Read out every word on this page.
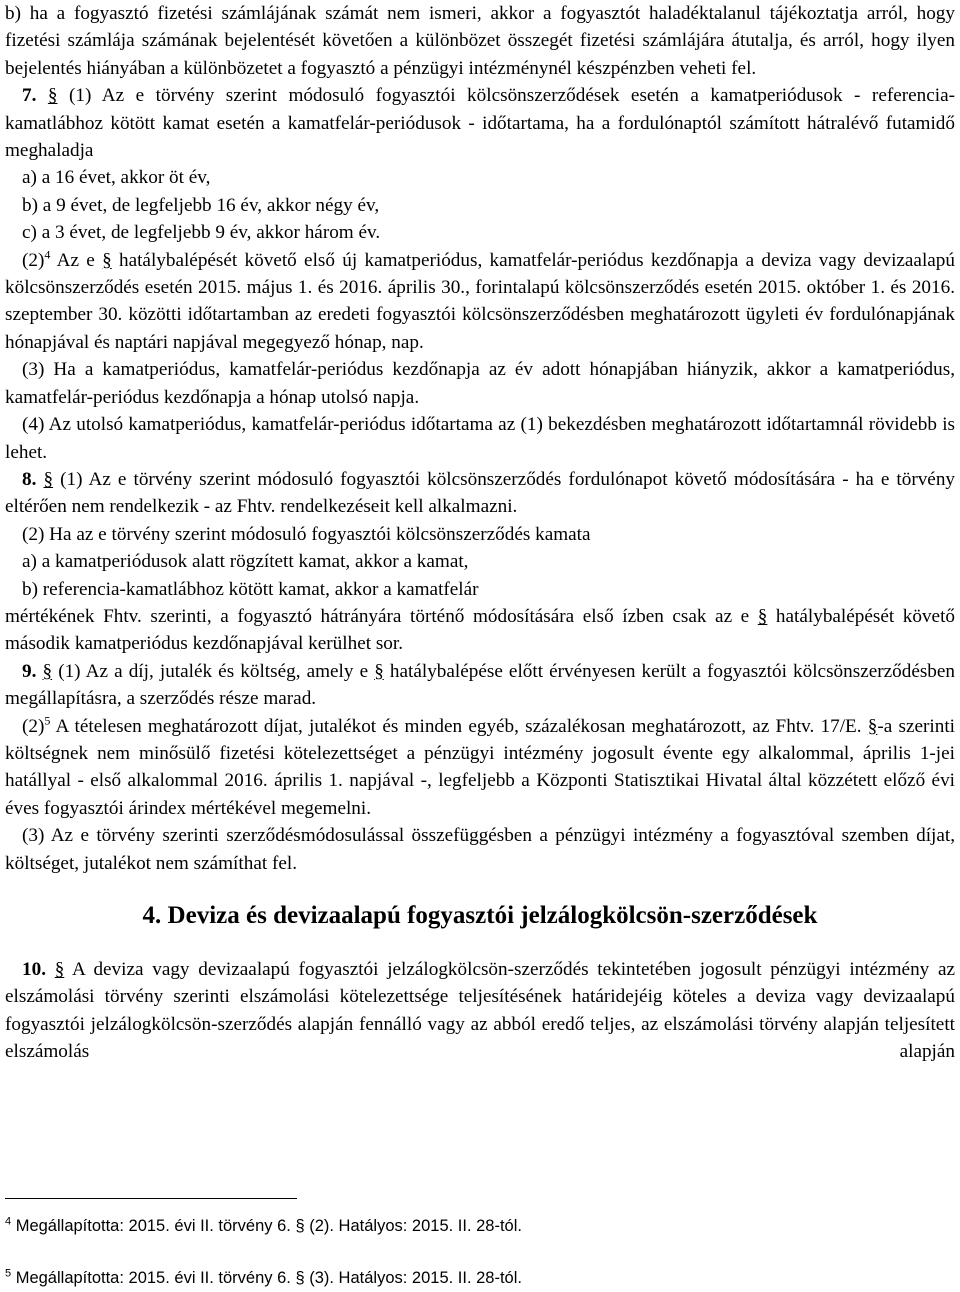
b) ha a fogyasztó fizetési számlájának számát nem ismeri, akkor a fogyasztót haladéktalanul tájékoztatja arról, hogy fizetési számlája számának bejelentését követően a különbözet összegét fizetési számlájára átutalja, és arról, hogy ilyen bejelentés hiányában a különbözetet a fogyasztó a pénzügyi intézménynél készpénzben veheti fel.

7. § (1) Az e törvény szerint módosuló fogyasztói kölcsönszerződések esetén a kamatperiódusok - referencia-kamatlábhoz kötött kamat esetén a kamatfelár-periódusok - időtartama, ha a fordulónaptól számított hátralévő futamidő meghaladja

a) a 16 évet, akkor öt év,

b) a 9 évet, de legfeljebb 16 év, akkor négy év,

c) a 3 évet, de legfeljebb 9 év, akkor három év.

(2)$^4$ Az e § hatálybalépését követő első új kamatperiódus, kamatfelár-periódus kezdőnapja a deviza vagy devizaalapú kölcsönszerződés esetén 2015. május 1. és 2016. április 30., forintalapú kölcsönszerződés esetén 2015. október 1. és 2016. szeptember 30. közötti időtartamban az eredeti fogyasztói kölcsönszerződésben meghatározott ügyleti év fordulónapjának hónapjával és naptári napjával megegyező hónap, nap.

(3) Ha a kamatperiódus, kamatfelár-periódus kezdőnapja az év adott hónapjában hiányzik, akkor a kamatperiódus, kamatfelár-periódus kezdőnapja a hónap utolsó napja.

(4) Az utolsó kamatperiódus, kamatfelár-periódus időtartama az (1) bekezdésben meghatározott időtartamnál rövidebb is lehet.

8. § (1) Az e törvény szerint módosuló fogyasztói kölcsönszerződés fordulónapot követő módosítására - ha e törvény eltérően nem rendelkezik - az Fhtv. rendelkezéseit kell alkalmazni.

(2) Ha az e törvény szerint módosuló fogyasztói kölcsönszerződés kamata

a) a kamatperiódusok alatt rögzített kamat, akkor a kamat,

b) referencia-kamatlábhoz kötött kamat, akkor a kamatfelár

mértékének Fhtv. szerinti, a fogyasztó hátrányára történő módosítására első ízben csak az e § hatálybalépését követő második kamatperiódus kezdőnapjával kerülhet sor.

9. § (1) Az a díj, jutalék és költség, amely e § hatálybalépése előtt érvényesen került a fogyasztói kölcsönszerződésben megállapításra, a szerződés része marad.

(2)$^5$ A tételesen meghatározott díjat, jutalékot és minden egyéb, százalékosan meghatározott, az Fhtv. 17/E. §-a szerinti költségnek nem minősülő fizetési kötelezettséget a pénzügyi intézmény jogosult évente egy alkalommal, április 1-jei hatállyal - első alkalommal 2016. április 1. napjával -, legfeljebb a Központi Statisztikai Hivatal által közzétett előző évi éves fogyasztói árindex mértékével megemelni.

(3) Az e törvény szerinti szerződésmódosulással összefüggésben a pénzügyi intézmény a fogyasztóval szemben díjat, költséget, jutalékot nem számíthat fel.

4. Deviza és devizaalapú fogyasztói jelzálogkölcsön-szerződések

10. § A deviza vagy devizaalapú fogyasztói jelzálogkölcsön-szerződés tekintetében jogosult pénzügyi intézmény az elszámolási törvény szerinti elszámolási kötelezettsége teljesítésének határidejéig köteles a deviza vagy devizaalapú fogyasztói jelzálogkölcsön-szerződés alapján fennálló vagy az abból eredő teljes, az elszámolási törvény alapján teljesített elszámolás alapján

$^4$ Megállapította: 2015. évi II. törvény 6. § (2). Hatályos: 2015. II. 28-tól.
$^5$ Megállapította: 2015. évi II. törvény 6. § (3). Hatályos: 2015. II. 28-tól.
